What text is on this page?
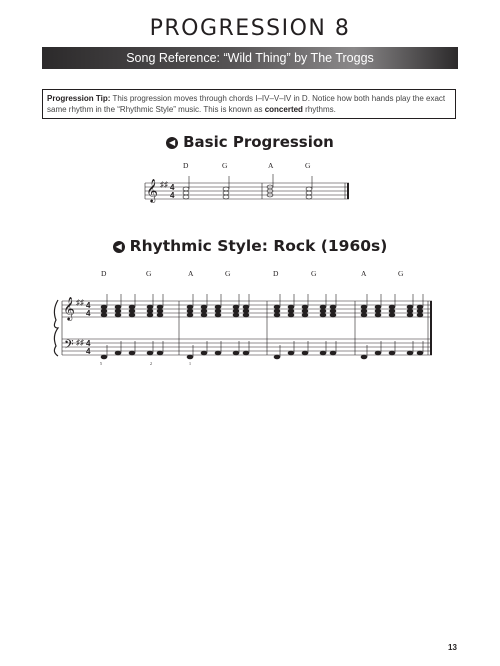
PROGRESSION 8
Song Reference: “Wild Thing” by The Troggs

Progression Tip: This progression moves through chords I–IV–V–IV in D. Notice how both hands play the exact same rhythm in the “Rhythmic Style” music. This is known as concerted rhythms.

◀ Basic Progression
◀ Rhythmic Style: Rock (1960s)
𝄞 ♯♯ 4
4
D	G	A	G
𝄞
𝄢
♯♯
♯♯
4
4
4
4
D	G	A	G	D	G	A	G
5	2	1
13
